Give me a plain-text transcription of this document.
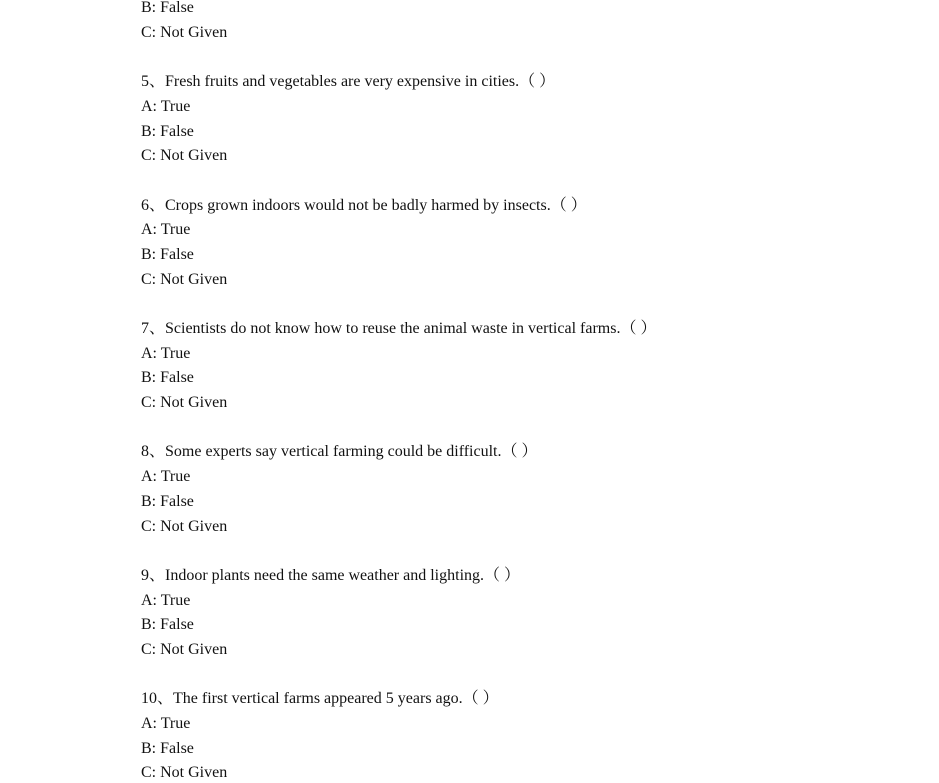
B: False
C: Not Given
5、Fresh fruits and vegetables are very expensive in cities.（ ）
A: True
B: False
C: Not Given
6、Crops grown indoors would not be badly harmed by insects.（ ）
A: True
B: False
C: Not Given
7、Scientists do not know how to reuse the animal waste in vertical farms.（ ）
A: True
B: False
C: Not Given
8、Some experts say vertical farming could be difficult.（ ）
A: True
B: False
C: Not Given
9、Indoor plants need the same weather and lighting.（ ）
A: True
B: False
C: Not Given
10、The first vertical farms appeared 5 years ago.（ ）
A: True
B: False
C: Not Given
